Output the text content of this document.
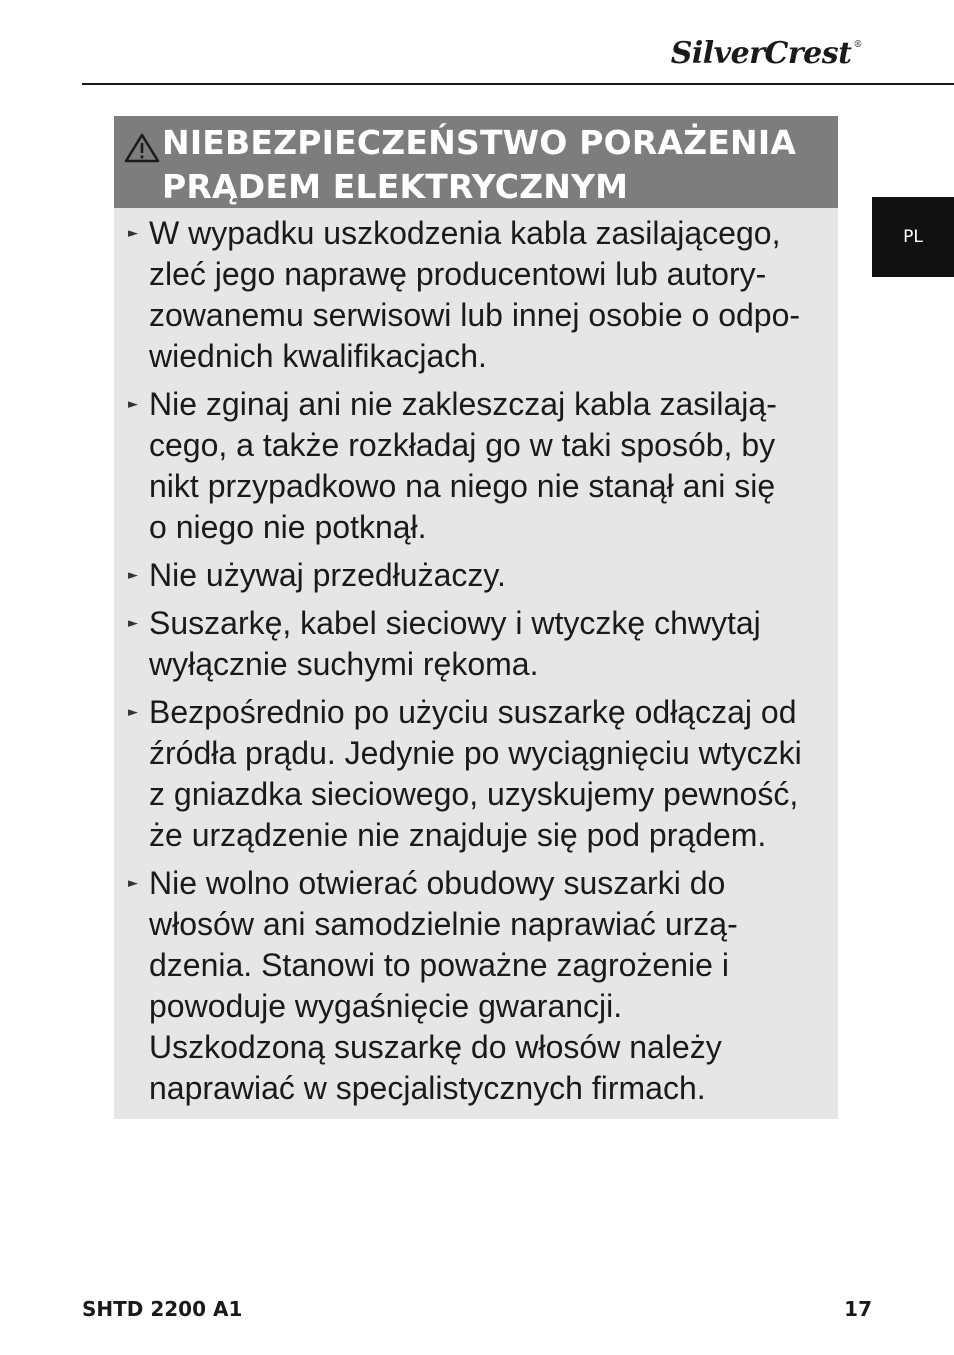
SilverCrest ®
PL
NIEBEZPIECZEŃSTWO PORAŻENIA
PRĄDEM ELEKTRYCZNYM
► W wypadku uszkodzenia kabla zasilającego,
zleć jego naprawę producentowi lub autory-
zowanemu serwisowi lub innej osobie o odpo-
wiednich kwalifikacjach.

► Nie zginaj ani nie zakleszczaj kabla zasilają-
cego, a także rozkładaj go w taki sposób, by
nikt przypadkowo na niego nie stanął ani się
o niego nie potknął.

► Nie używaj przedłużaczy.

► Suszarkę, kabel sieciowy i wtyczkę chwytaj
wyłącznie suchymi rękoma.

► Bezpośrednio po użyciu suszarkę odłączaj od
źródła prądu. Jedynie po wyciągnięciu wtyczki
z gniazdka sieciowego, uzyskujemy pewność,
że urządzenie nie znajduje się pod prądem.

► Nie wolno otwierać obudowy suszarki do
włosów ani samodzielnie naprawiać urzą-
dzenia. Stanowi to poważne zagrożenie i
powoduje wygaśnięcie gwarancji.
Uszkodzoną suszarkę do włosów należy
naprawiać w specjalistycznych firmach.

SHTD 2200 A1	17
